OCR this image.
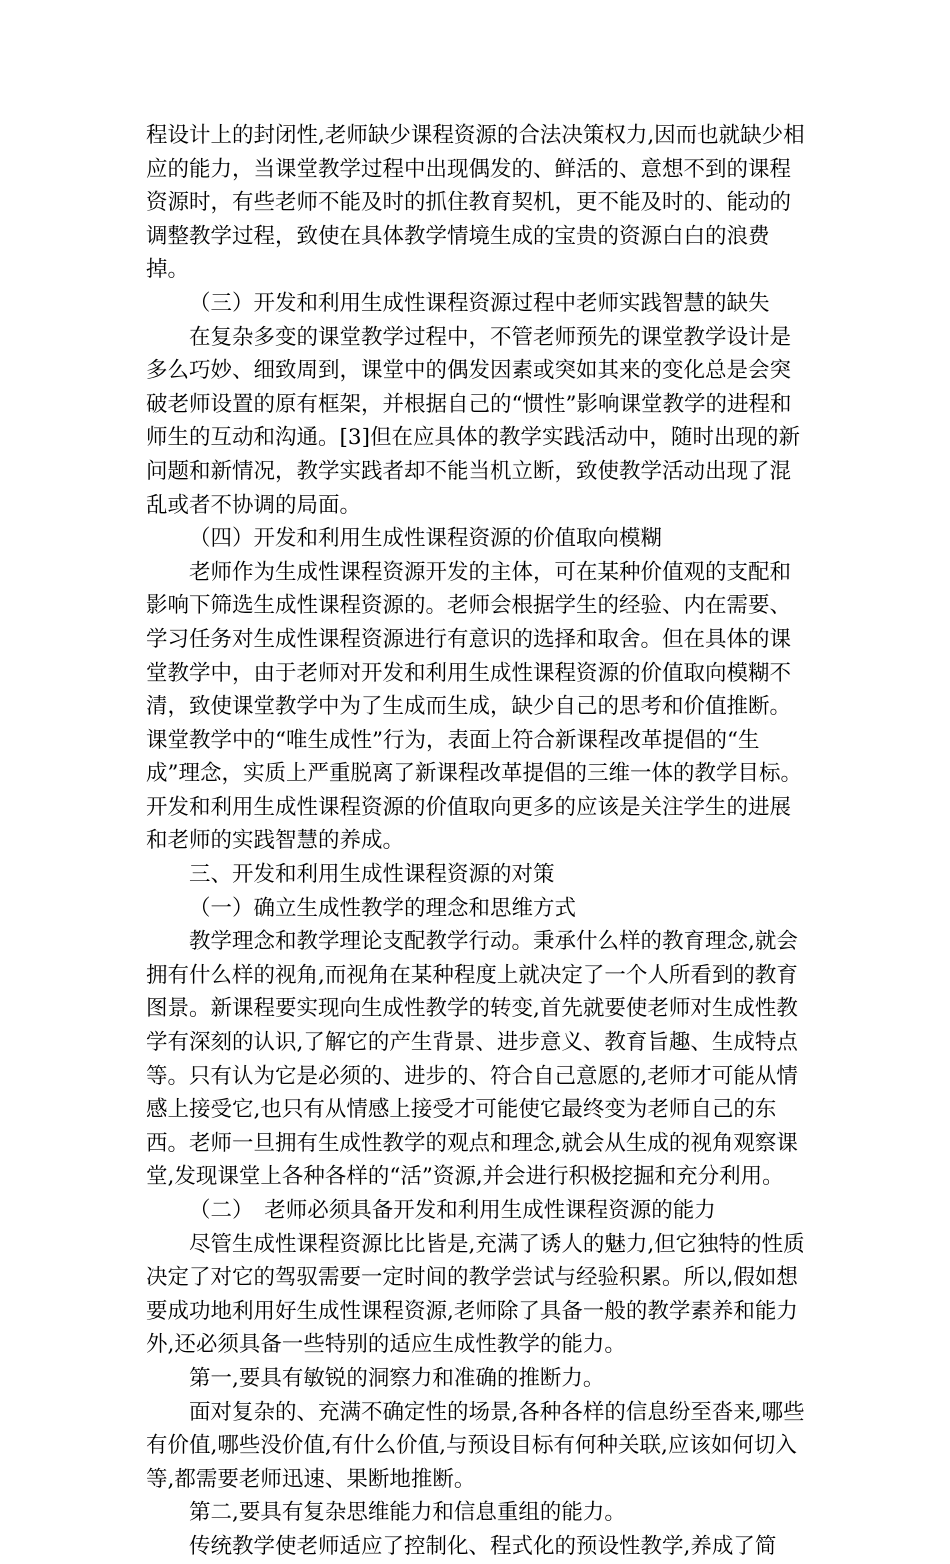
程设计上的封闭性,老师缺少课程资源的合法决策权力,因而也就缺少相应的能力，当课堂教学过程中出现偶发的、鲜活的、意想不到的课程资源时，有些老师不能及时的抓住教育契机，更不能及时的、能动的调整教学过程，致使在具体教学情境生成的宝贵的资源白白的浪费掉。

（三）开发和利用生成性课程资源过程中老师实践智慧的缺失

在复杂多变的课堂教学过程中，不管老师预先的课堂教学设计是多么巧妙、细致周到，课堂中的偶发因素或突如其来的变化总是会突破老师设置的原有框架，并根据自己的“惯性”影响课堂教学的进程和师生的互动和沟通。[3]但在应具体的教学实践活动中，随时出现的新问题和新情况，教学实践者却不能当机立断，致使教学活动出现了混乱或者不协调的局面。

（四）开发和利用生成性课程资源的价值取向模糊

老师作为生成性课程资源开发的主体，可在某种价值观的支配和影响下筛选生成性课程资源的。老师会根据学生的经验、内在需要、学习任务对生成性课程资源进行有意识的选择和取舍。但在具体的课堂教学中，由于老师对开发和利用生成性课程资源的价值取向模糊不清，致使课堂教学中为了生成而生成，缺少自己的思考和价值推断。课堂教学中的“唯生成性”行为，表面上符合新课程改革提倡的“生成”理念，实质上严重脱离了新课程改革提倡的三维一体的教学目标。开发和利用生成性课程资源的价值取向更多的应该是关注学生的进展和老师的实践智慧的养成。

三、开发和利用生成性课程资源的对策

（一）确立生成性教学的理念和思维方式

教学理念和教学理论支配教学行动。秉承什么样的教育理念,就会拥有什么样的视角,而视角在某种程度上就决定了一个人所看到的教育图景。新课程要实现向生成性教学的转变,首先就要使老师对生成性教学有深刻的认识,了解它的产生背景、进步意义、教育旨趣、生成特点等。只有认为它是必须的、进步的、符合自己意愿的,老师才可能从情感上接受它,也只有从情感上接受才可能使它最终变为老师自己的东西。老师一旦拥有生成性教学的观点和理念,就会从生成的视角观察课堂,发现课堂上各种各样的“活”资源,并会进行积极挖掘和充分利用。

（二）　老师必须具备开发和利用生成性课程资源的能力

尽管生成性课程资源比比皆是,充满了诱人的魅力,但它独特的性质决定了对它的驾驭需要一定时间的教学尝试与经验积累。所以,假如想要成功地利用好生成性课程资源,老师除了具备一般的教学素养和能力外,还必须具备一些特别的适应生成性教学的能力。

第一,要具有敏锐的洞察力和准确的推断力。

面对复杂的、充满不确定性的场景,各种各样的信息纷至沓来,哪些有价值,哪些没价值,有什么价值,与预设目标有何种关联,应该如何切入等,都需要老师迅速、果断地推断。

第二,要具有复杂思维能力和信息重组的能力。

传统教学使老师适应了控制化、程式化的预设性教学,养成了简
